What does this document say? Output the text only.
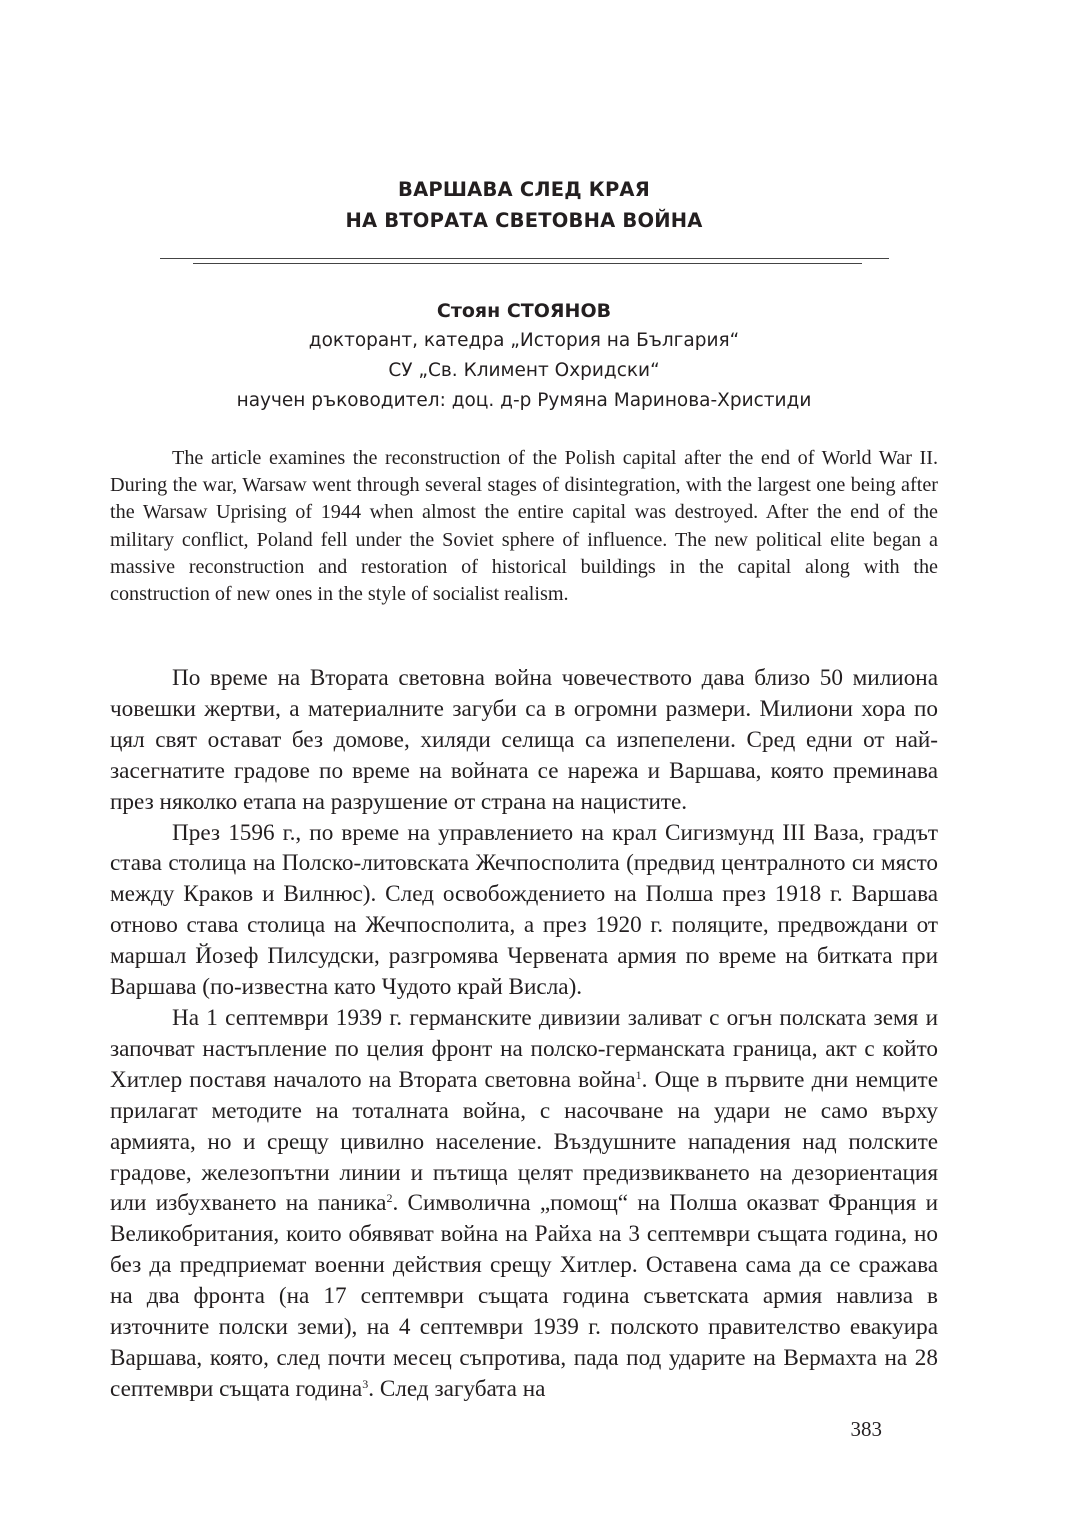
ВАРШАВА СЛЕД КРАЯ
НА ВТОРАТА СВЕТОВНА ВОЙНА
Стоян СТОЯНОВ
докторант, катедра „История на България“
СУ „Св. Климент Охридски“
научен ръководител: доц. д-р Румяна Маринова-Христиди

The article examines the reconstruction of the Polish capital after the end of World War II. During the war, Warsaw went through several stages of disintegration, with the largest one being after the Warsaw Uprising of 1944 when almost the entire capital was destroyed. After the end of the military conflict, Poland fell under the Soviet sphere of influence. The new political elite began a massive reconstruction and restoration of historical buildings in the capital along with the construction of new ones in the style of socialist realism.

По време на Втората световна война човечеството дава близо 50 милиона човешки жертви, а материалните загуби са в огромни размери. Милиони хора по цял свят остават без домове, хиляди селища са изпепелени. Сред едни от най-засегнатите градове по време на войната се нарежа и Варшава, която преминава през няколко етапа на разрушение от страна на нацистите.

През 1596 г., по време на управлението на крал Сигизмунд III Ваза, градът става столица на Полско-литовската Жечпосполита (предвид централното си място между Краков и Вилнюс). След освобождението на Полша през 1918 г. Варшава отново става столица на Жечпосполита, а през 1920 г. поляците, предвождани от маршал Йозеф Пилсудски, разгромява Червената армия по време на битката при Варшава (по-известна като Чудото край Висла).

На 1 септември 1939 г. германските дивизии заливат с огън полската земя и започват настъпление по целия фронт на полско-германската граница, акт с който Хитлер поставя началото на Втората световна война$^1$. Още в първите дни немците прилагат методите на тоталната война, с насочване на удари не само върху армията, но и срещу цивилно население. Въздушните нападения над полските градове, железопътни линии и пътища целят предизвикването на дезориентация или избухването на паника$^2$. Символична „помощ“ на Полша оказват Франция и Великобритания, които обявяват война на Райха на 3 септември същата година, но без да предприемат военни действия срещу Хитлер. Оставена сама да се сражава на два фронта (на 17 септември същата година съветската армия навлиза в източните полски земи), на 4 септември 1939 г. полското правителство евакуира Варшава, която, след почти месец съпротива, пада под ударите на Вермахта на 28 септември същата година$^3$. След загубата на

383
